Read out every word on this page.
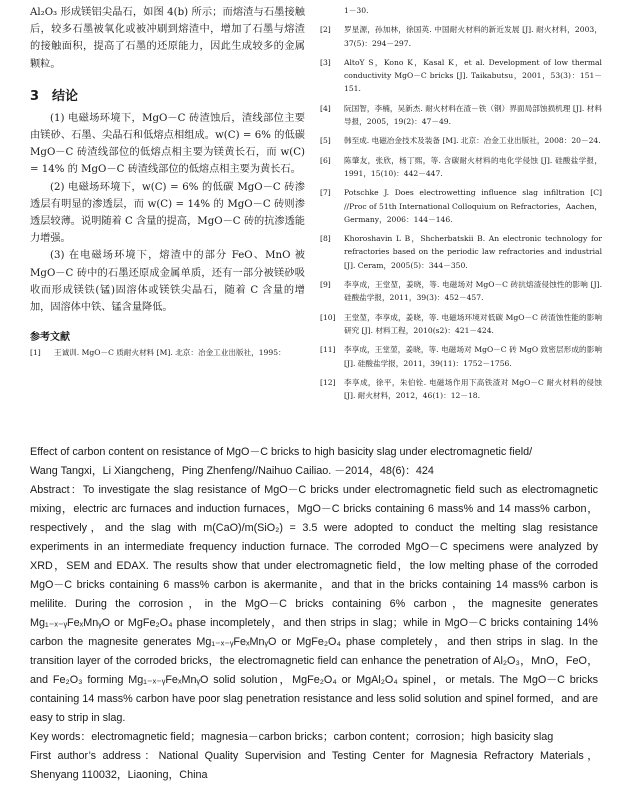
Al₂O₃ 形成镁铝尖晶石，如图 4(b) 所示；而熔渣与石墨接触后，较多石墨被氧化或被冲刷到熔渣中，增加了石墨与熔渣的接触面积，提高了石墨的还原能力，因此生成较多的金属颗粒。

3　结论

(1) 电磁场环境下，MgO－C 砖渣蚀后，渣线部位主要由镁砂、石墨、尖晶石和低熔点相组成。w(C) = 6% 的低碳 MgO－C 砖渣线部位的低熔点相主要为镁黄长石，而 w(C) = 14% 的 MgO－C 砖渣线部位的低熔点相主要为黄长石。

(2) 电磁场环境下，w(C) = 6% 的低碳 MgO－C 砖渗透层有明显的渗透层，而 w(C) = 14% 的 MgO－C 砖则渗透层较薄。说明随着 C 含量的提高，MgO－C 砖的抗渗透能力增强。

(3) 在电磁场环境下，熔渣中的部分 FeO、MnO 被 MgO－C 砖中的石墨还原成金属单质，还有一部分被镁砂吸收而形成镁铁(锰)固溶体或镁铁尖晶石，随着 C 含量的增加，固溶体中铁、锰含量降低。

参考文献
[1]	王诚训. MgO－C 质耐火材料 [M]. 北京：冶金工业出版社，1995：
1－30.
[2]	罗星源，孙加林，徐国英. 中国耐火材料的新近发展 [J]. 耐火材料，2003，37(5)：294－297.
[3]	AltoY S，Kono K，Kasal K，et al. Development of low thermal conductivity MgO－C bricks [J]. Taikabutsu，2001，53(3)：151－151.
[4]	阮国智，李楠，吴新杰. 耐火材料在渣－铁（钢）界面局部蚀损机理 [J]. 材料导报，2005，19(2)：47－49.
[5]	韩至成. 电磁冶金技术及装备 [M]. 北京：冶金工业出版社，2008：20－24.
[6]	陈肇友，张欣，杨丁熙，等. 含碳耐火材料的电化学侵蚀 [J]. 硅酸盐学报，1991，15(10)：442－447.
[7]	Potschke J. Does electrowetting influence slag infiltration [C] //Proc of 51th International Colloquium on Refractories，Aachen，Germany，2006：144－146.
[8]	Khoroshavin L B，Shcherbatskii B. An electronic technology for refractories based on the periodic law refractories and industrial [J]. Ceram，2005(5)：344－350.
[9]	李享成，王堂堃，姜晓，等. 电磁场对 MgO－C 砖抗熔渣侵蚀性的影响 [J]. 硅酸盐学报，2011，39(3)：452－457.
[10]	王堂堃，李享成，姜晓，等. 电磁场环境对低碳 MgO－C 砖渣蚀性能的影响研究 [J]. 材料工程，2010(s2)：421－424.
[11]	李享成，王堂堃，姜晓，等. 电磁场对 MgO－C 砖 MgO 致密层形成的影响 [J]. 硅酸盐学报，2011，39(11)：1752－1756.
[12]	李享成，徐平，朱伯铨. 电磁场作用下高铁渣对 MgO－C 耐火材料的侵蚀 [J]. 耐火材料，2012，46(1)：12－18.

Effect of carbon content on resistance of MgO－C bricks to high basicity slag under electromagnetic field/

Wang Tangxi，Li Xiangcheng，Ping Zhenfeng//Naihuo Cailiao. －2014，48(6)：424

Abstract：To investigate the slag resistance of MgO－C bricks under electromagnetic field such as electromagnetic mixing，electric arc furnaces and induction furnaces，MgO－C bricks containing 6 mass% and 14 mass% carbon，respectively，and the slag with m(CaO)/m(SiO₂) = 3.5 were adopted to conduct the melting slag resistance experiments in an intermediate frequency induction furnace. The corroded MgO－C specimens were analyzed by XRD，SEM and EDAX. The results show that under electromagnetic field，the low melting phase of the corroded MgO－C bricks containing 6 mass% carbon is akermanite，and that in the bricks containing 14 mass% carbon is melilite. During the corrosion，in the MgO－C bricks containing 6% carbon，the magnesite generates Mg₁₋ₓ₋ᵧFeₓMnᵧO or MgFe₂O₄ phase incompletely，and then strips in slag；while in MgO－C bricks containing 14% carbon the magnesite generates Mg₁₋ₓ₋ᵧFeₓMnᵧO or MgFe₂O₄ phase completely，and then strips in slag. In the transition layer of the corroded bricks，the electromagnetic field can enhance the penetration of Al₂O₃，MnO，FeO，and Fe₂O₃ forming Mg₁₋ₓ₋ᵧFeₓMnᵧO solid solution，MgFe₂O₄ or MgAl₂O₄ spinel，or metals. The MgO－C bricks containing 14 mass% carbon have poor slag penetration resistance and less solid solution and spinel formed，and are easy to strip in slag.

Key words：electromagnetic field；magnesia－carbon bricks；carbon content；corrosion；high basicity slag

First author’s address：National Quality Supervision and Testing Center for Magnesia Refractory Materials，Shenyang 110032，Liaoning，China
